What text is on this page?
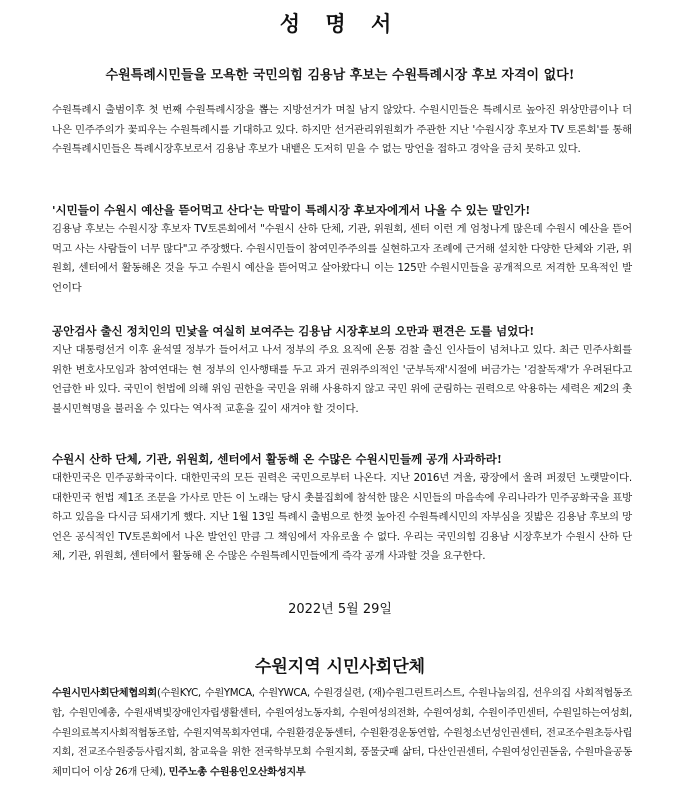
성 명 서
수원특례시민들을 모욕한 국민의힘 김용남 후보는 수원특례시장 후보 자격이 없다!

수원특례시 출범이후 첫 번째 수원특례시장을 뽑는 지방선거가 며칠 남지 않았다. 수원시민들은 특례시로 높아진 위상만큼이나 더 나은 민주주의가 꽃피우는 수원특례시를 기대하고 있다. 하지만 선거관리위원회가 주관한 지난 '수원시장 후보자 TV 토론회'를 통해 수원특례시민들은 특례시장후보로서 김용남 후보가 내뱉은 도저히 믿을 수 없는 망언을 접하고 경악을 금치 못하고 있다.

'시민들이 수원시 예산을 뜯어먹고 산다'는 막말이 특례시장 후보자에게서 나올 수 있는 말인가!

김용남 후보는 수원시장 후보자 TV토론회에서 "수원시 산하 단체, 기관, 위원회, 센터 이런 게 엄청나게 많은데 수원시 예산을 뜯어먹고 사는 사람들이 너무 많다"고 주장했다. 수원시민들이 참여민주주의를 실현하고자 조례에 근거해 설치한 다양한 단체와 기관, 위원회, 센터에서 활동해온 것을 두고 수원시 예산을 뜯어먹고 살아왔다니 이는 125만 수원시민들을 공개적으로 저격한 모욕적인 발언이다

공안검사 출신 정치인의 민낯을 여실히 보여주는 김용남 시장후보의 오만과 편견은 도를 넘었다!

지난 대통령선거 이후 윤석열 정부가 들어서고 나서 정부의 주요 요직에 온통 검찰 출신 인사들이 넘쳐나고 있다. 최근 민주사회를 위한 변호사모임과 참여연대는 현 정부의 인사행태를 두고 과거 권위주의적인 '군부독재'시절에 버금가는 '검찰독재'가 우려된다고 언급한 바 있다. 국민이 헌법에 의해 위임 권한을 국민을 위해 사용하지 않고 국민 위에 군림하는 권력으로 악용하는 세력은 제2의 촛불시민혁명을 불러올 수 있다는 역사적 교훈을 깊이 새겨야 할 것이다.

수원시 산하 단체, 기관, 위원회, 센터에서 활동해 온 수많은 수원시민들께 공개 사과하라!

대한민국은 민주공화국이다. 대한민국의 모든 권력은 국민으로부터 나온다. 지난 2016년 겨울, 광장에서 울려 퍼졌던 노랫말이다. 대한민국 헌법 제1조 조문을 가사로 만든 이 노래는 당시 촛불집회에 참석한 많은 시민들의 마음속에 우리나라가 민주공화국을 표방하고 있음을 다시금 되새기게 했다. 지난 1월 13일 특례시 출범으로 한껏 높아진 수원특례시민의 자부심을 짓밟은 김용남 후보의 망언은 공식적인 TV토론회에서 나온 발언인 만큼 그 책임에서 자유로울 수 없다. 우리는 국민의힘 김용남 시장후보가 수원시 산하 단체, 기관, 위원회, 센터에서 활동해 온 수많은 수원특례시민들에게 즉각 공개 사과할 것을 요구한다.

2022년 5월 29일

수원지역 시민사회단체

수원시민사회단체협의회(수원KYC, 수원YMCA, 수원YWCA, 수원경실련, (재)수원그린트러스트, 수원나눔의집, 선우의집 사회적협동조합, 수원민예총, 수원새벽빛장애인자립생활센터, 수원여성노동자회, 수원여성의전화, 수원여성회, 수원이주민센터, 수원일하는여성회, 수원의료복지사회적협동조합, 수원지역목회자연대, 수원환경운동센터, 수원환경운동연합, 수원청소년성인권센터, 전교조수원초등사립지회, 전교조수원중등사립지회, 참교육을 위한 전국학부모회 수원지회, 풍물굿패 삶터, 다산인권센터, 수원여성인권돋움, 수원마을공동체미디어 이상 26개 단체), 민주노총 수원용인오산화성지부
